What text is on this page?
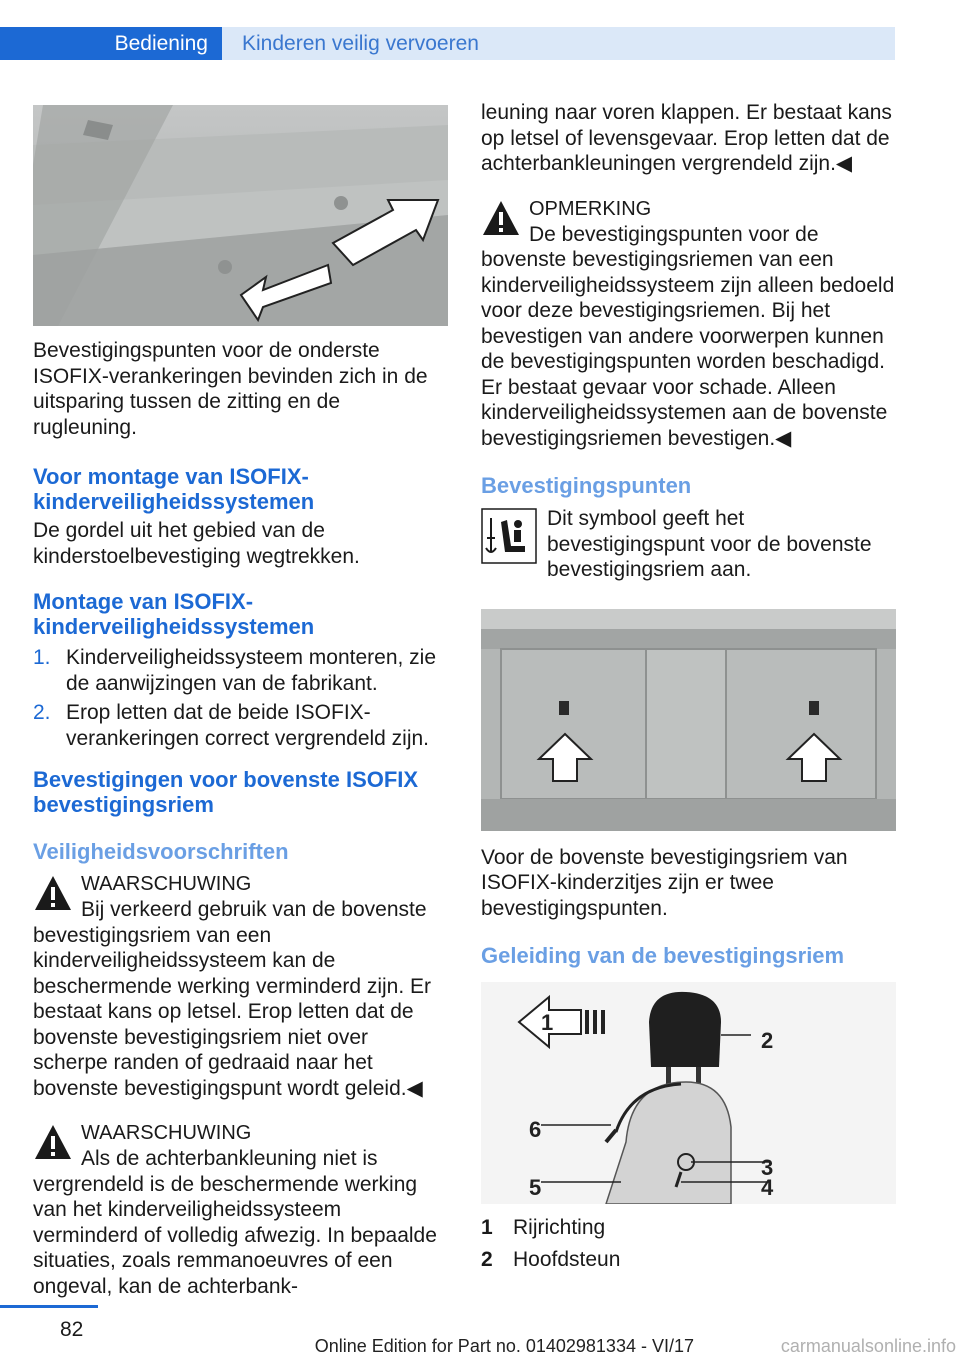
Bediening	Kinderen veilig vervoeren

Bevestigingspunten voor de onderste ISOFIX-verankeringen bevinden zich in de uitsparing tussen de zitting en de rugleuning.

Voor montage van ISOFIX-kinderveiligheidssystemen

De gordel uit het gebied van de kinderstoelbevestiging wegtrekken.

Montage van ISOFIX-kinderveiligheidssystemen
1. Kinderveiligheidssysteem monteren, zie de aanwijzingen van de fabrikant.
2. Erop letten dat de beide ISOFIX-verankeringen correct vergrendeld zijn.
Bevestigingen voor bovenste ISOFIX bevestigingsriem
Veiligheidsvoorschriften
WAARSCHUWING
Bij verkeerd gebruik van de bovenste bevestigingsriem van een kinderveiligheidssysteem kan de beschermende werking verminderd zijn. Er bestaat kans op letsel. Erop letten dat de bovenste bevestigingsriem niet over scherpe randen of gedraaid naar het bovenste bevestigingspunt wordt geleid.◀
WAARSCHUWING
Als de achterbankleuning niet is vergrendeld is de beschermende werking van het kinderveiligheidssysteem verminderd of volledig afwezig. In bepaalde situaties, zoals remmanoeuvres of een ongeval, kan de achterbank-

leuning naar voren klappen. Er bestaat kans op letsel of levensgevaar. Erop letten dat de achterbankleuningen vergrendeld zijn.◀

OPMERKING
De bevestigingspunten voor de bovenste bevestigingsriemen van een kinderveiligheidssysteem zijn alleen bedoeld voor deze bevestigingsriemen. Bij het bevestigen van andere voorwerpen kunnen de bevestigingspunten worden beschadigd. Er bestaat gevaar voor schade. Alleen kinderveiligheidssystemen aan de bovenste bevestigingsriemen bevestigen.◀
Bevestigingspunten

Dit symbool geeft het bevestigingspunt voor de bovenste bevestigingsriem aan.

Voor de bovenste bevestigingsriem van ISOFIX-kinderzitjes zijn er twee bevestigingspunten.

Geleiding van de bevestigingsriem
1
2
3
4
5
6
1 Rijrichting
2 Hoofdsteun
82
Online Edition for Part no. 01402981334 - VI/17	carmanualsonline.info
